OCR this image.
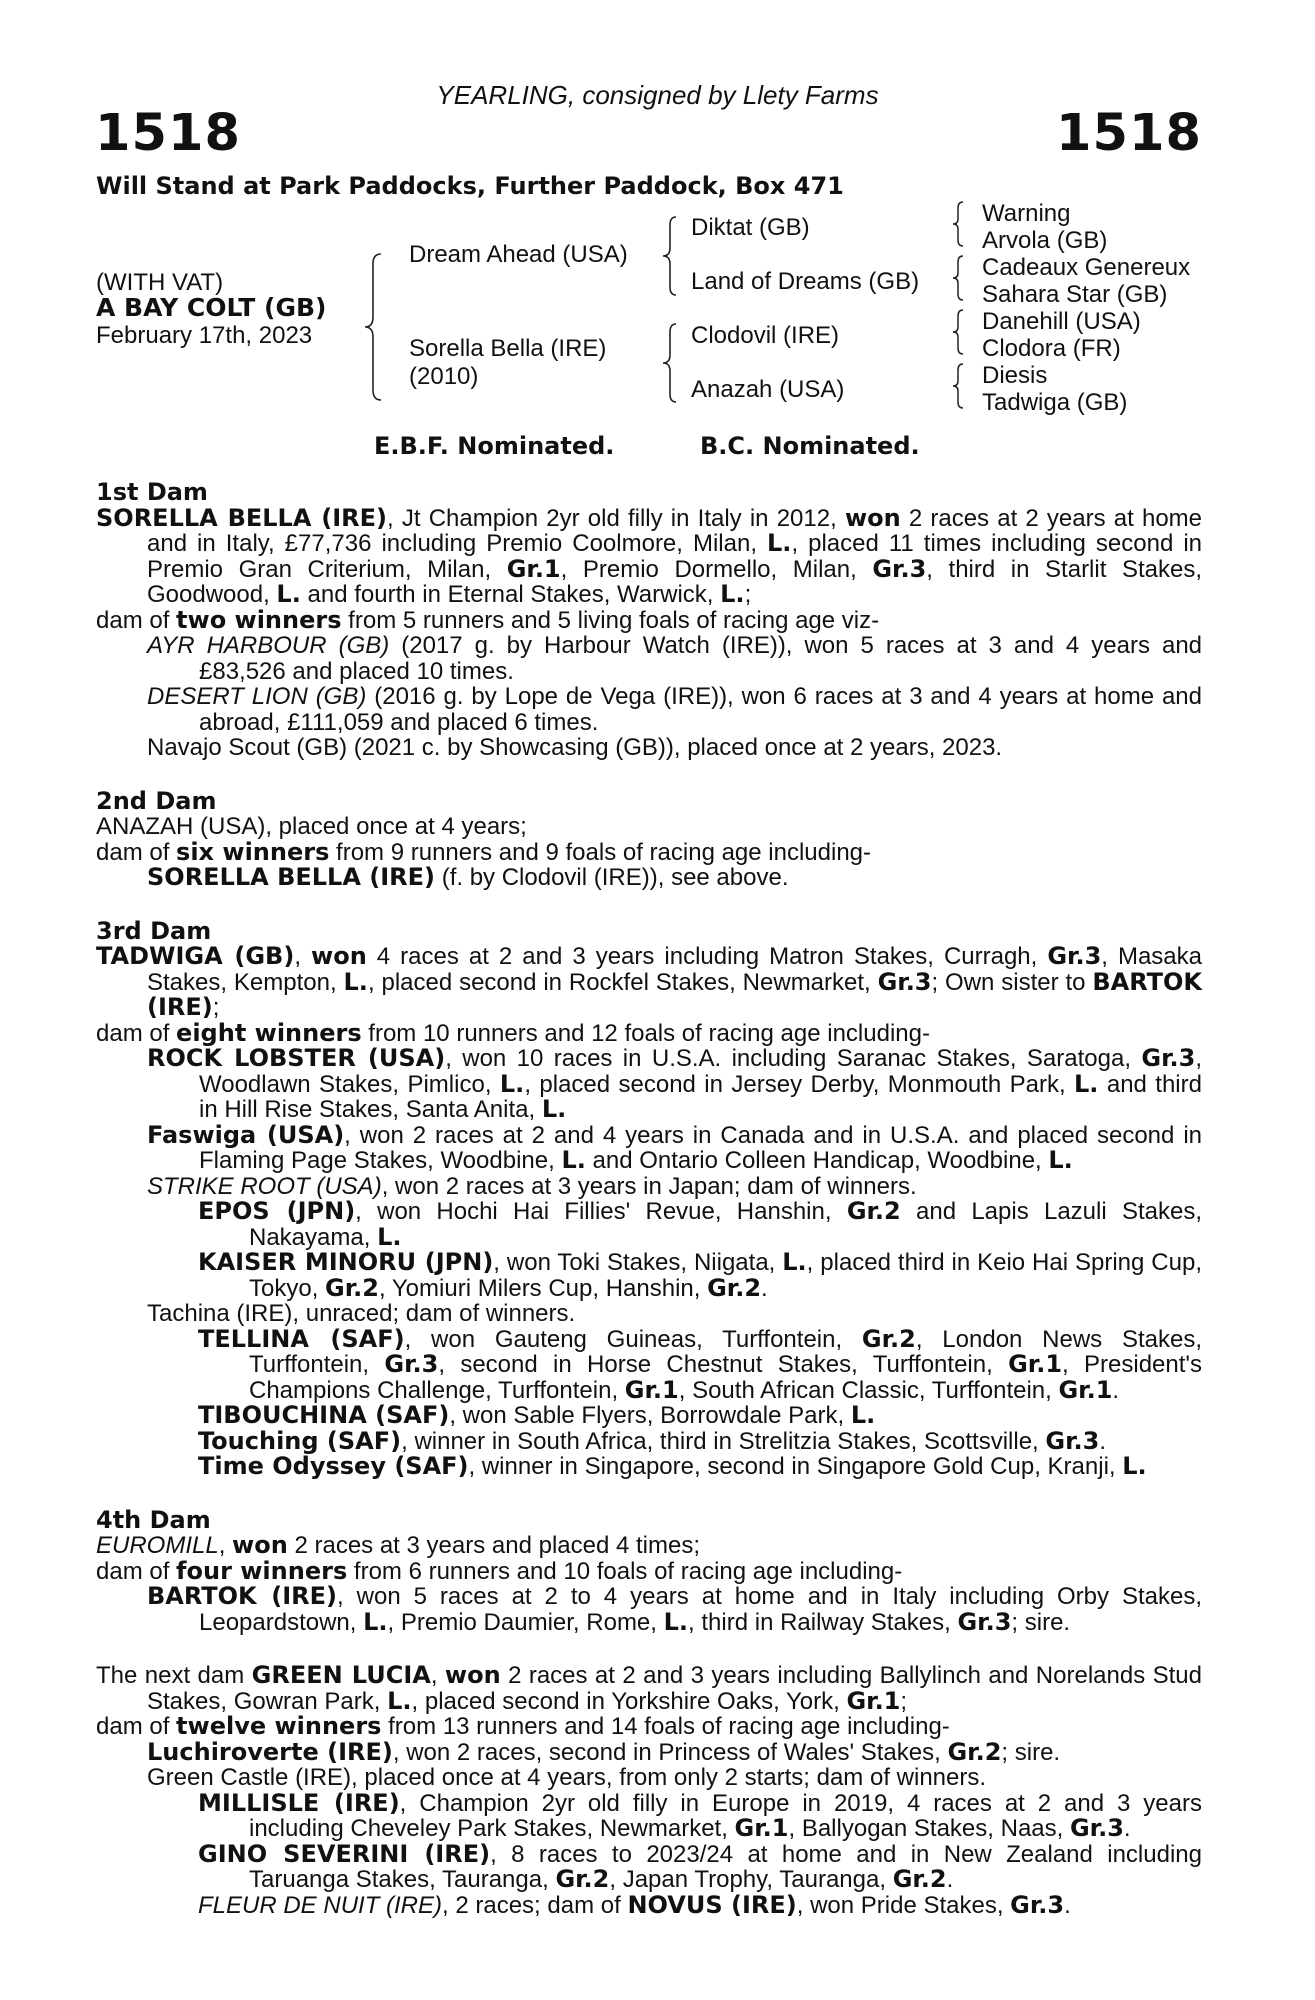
YEARLING, consigned by Llety Farms
1518	1518
Will Stand at Park Paddocks, Further Paddock, Box 471
(WITH VAT)
A BAY COLT (GB)
February 17th, 2023
Dream Ahead (USA)
Sorella Bella (IRE)
(2010)
Diktat (GB)
Land of Dreams (GB)
Clodovil (IRE)
Anazah (USA)
Warning
Arvola (GB)
Cadeaux Genereux
Sahara Star (GB)
Danehill (USA)
Clodora (FR)
Diesis
Tadwiga (GB)
E.B.F. Nominated.	B.C. Nominated.
1st Dam
SORELLA BELLA (IRE), Jt Champion 2yr old filly in Italy in 2012, won 2 races at 2 years at home and in Italy, £77,736 including Premio Coolmore, Milan, L., placed 11 times including second in Premio Gran Criterium, Milan, Gr.1, Premio Dormello, Milan, Gr.3, third in Starlit Stakes, Goodwood, L. and fourth in Eternal Stakes, Warwick, L.;
dam of two winners from 5 runners and 5 living foals of racing age viz-
AYR HARBOUR (GB) (2017 g. by Harbour Watch (IRE)), won 5 races at 3 and 4 years and £83,526 and placed 10 times.
DESERT LION (GB) (2016 g. by Lope de Vega (IRE)), won 6 races at 3 and 4 years at home and abroad, £111,059 and placed 6 times.
Navajo Scout (GB) (2021 c. by Showcasing (GB)), placed once at 2 years, 2023.
2nd Dam
ANAZAH (USA), placed once at 4 years;
dam of six winners from 9 runners and 9 foals of racing age including-
SORELLA BELLA (IRE) (f. by Clodovil (IRE)), see above.
3rd Dam
TADWIGA (GB), won 4 races at 2 and 3 years including Matron Stakes, Curragh, Gr.3, Masaka Stakes, Kempton, L., placed second in Rockfel Stakes, Newmarket, Gr.3; Own sister to BARTOK (IRE);
dam of eight winners from 10 runners and 12 foals of racing age including-
ROCK LOBSTER (USA), won 10 races in U.S.A. including Saranac Stakes, Saratoga, Gr.3, Woodlawn Stakes, Pimlico, L., placed second in Jersey Derby, Monmouth Park, L. and third in Hill Rise Stakes, Santa Anita, L.
Faswiga (USA), won 2 races at 2 and 4 years in Canada and in U.S.A. and placed second in Flaming Page Stakes, Woodbine, L. and Ontario Colleen Handicap, Woodbine, L.
STRIKE ROOT (USA), won 2 races at 3 years in Japan; dam of winners.
EPOS (JPN), won Hochi Hai Fillies' Revue, Hanshin, Gr.2 and Lapis Lazuli Stakes, Nakayama, L.
KAISER MINORU (JPN), won Toki Stakes, Niigata, L., placed third in Keio Hai Spring Cup, Tokyo, Gr.2, Yomiuri Milers Cup, Hanshin, Gr.2.
Tachina (IRE), unraced; dam of winners.
TELLINA (SAF), won Gauteng Guineas, Turffontein, Gr.2, London News Stakes, Turffontein, Gr.3, second in Horse Chestnut Stakes, Turffontein, Gr.1, President's Champions Challenge, Turffontein, Gr.1, South African Classic, Turffontein, Gr.1.
TIBOUCHINA (SAF), won Sable Flyers, Borrowdale Park, L.
Touching (SAF), winner in South Africa, third in Strelitzia Stakes, Scottsville, Gr.3.
Time Odyssey (SAF), winner in Singapore, second in Singapore Gold Cup, Kranji, L.
4th Dam
EUROMILL, won 2 races at 3 years and placed 4 times;
dam of four winners from 6 runners and 10 foals of racing age including-
BARTOK (IRE), won 5 races at 2 to 4 years at home and in Italy including Orby Stakes, Leopardstown, L., Premio Daumier, Rome, L., third in Railway Stakes, Gr.3; sire.
The next dam GREEN LUCIA, won 2 races at 2 and 3 years including Ballylinch and Norelands Stud Stakes, Gowran Park, L., placed second in Yorkshire Oaks, York, Gr.1;
dam of twelve winners from 13 runners and 14 foals of racing age including-
Luchiroverte (IRE), won 2 races, second in Princess of Wales' Stakes, Gr.2; sire.
Green Castle (IRE), placed once at 4 years, from only 2 starts; dam of winners.
MILLISLE (IRE), Champion 2yr old filly in Europe in 2019, 4 races at 2 and 3 years including Cheveley Park Stakes, Newmarket, Gr.1, Ballyogan Stakes, Naas, Gr.3.
GINO SEVERINI (IRE), 8 races to 2023/24 at home and in New Zealand including Taruanga Stakes, Tauranga, Gr.2, Japan Trophy, Tauranga, Gr.2.
FLEUR DE NUIT (IRE), 2 races; dam of NOVUS (IRE), won Pride Stakes, Gr.3.
